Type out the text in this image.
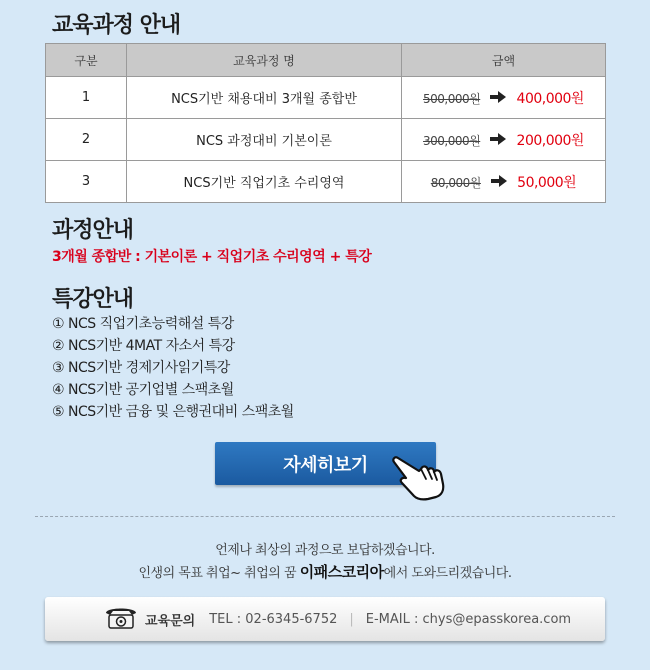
교육과정 안내
구분	교육과정 명	금액
1	NCS기반 채용대비 3개월 종합반	500,000원 400,000원
2	NCS 과정대비 기본이론	300,000원 200,000원
3	NCS기반 직업기초 수리영역	80,000원 50,000원
과정안내
3개월 종합반 : 기본이론 + 직업기초 수리영역 + 특강
특강안내
① NCS 직업기초능력해설 특강
② NCS기반 4MAT 자소서 특강
③ NCS기반 경제기사읽기특강
④ NCS기반 공기업별 스팩초월
⑤ NCS기반 금융 및 은행권대비 스팩초월
자세히보기
언제나 최상의 과정으로 보답하겠습니다.
인생의 목표 취업~ 취업의 꿈 이패스코리아에서 도와드리겠습니다.
교육문의 TEL : 02-6345-6752 | E-MAIL : chys@epasskorea.com
